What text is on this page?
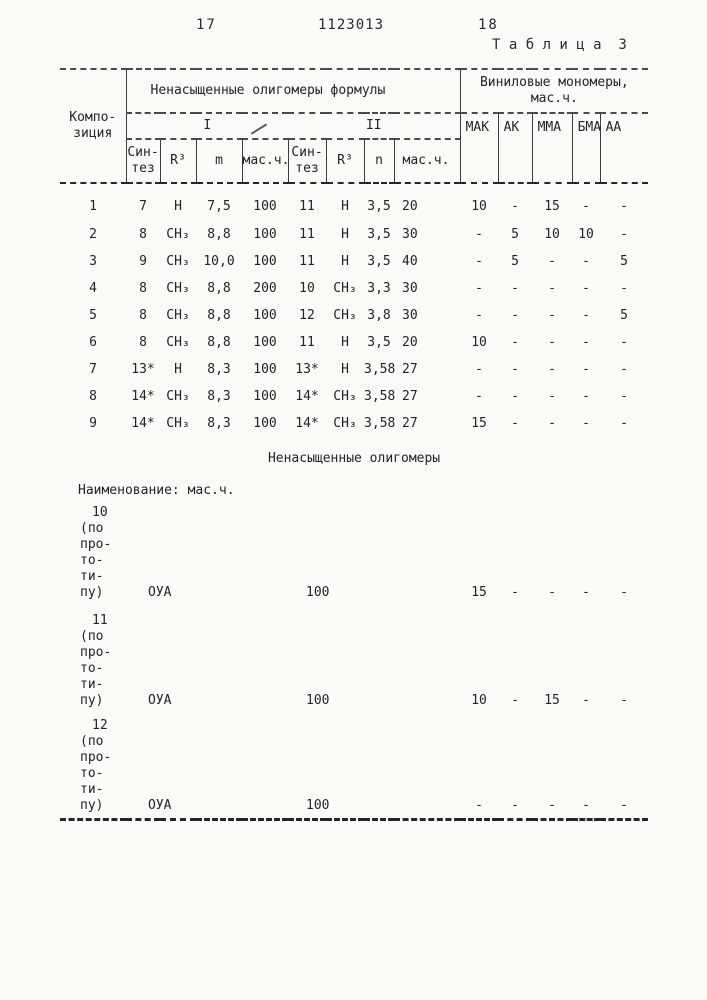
17	1123013	18
Т а б л и ц а  3
Компо-
зиция	Ненасыщенные олигомеры формулы								Виниловые мономеры,
мас.ч.				
	I				II				МАК	АК	ММА	БМА	АА
	Син-
тез	R³	m	мас.ч.	Син-
тез	R³	n	мас.ч.					
1	7	Н	7,5	100	11	Н	3,5	20	10	-	15	-	-
2	8	СН₃	8,8	100	11	Н	3,5	30	-	5	10	10	-
3	9	СН₃	10,0	100	11	Н	3,5	40	-	5	-	-	5
4	8	СН₃	8,8	200	10	СН₃	3,3	30	-	-	-	-	-
5	8	СН₃	8,8	100	12	СН₃	3,8	30	-	-	-	-	5
6	8	СН₃	8,8	100	11	Н	3,5	20	10	-	-	-	-
7	13*	Н	8,3	100	13*	Н	3,58	27	-	-	-	-	-
8	14*	СН₃	8,3	100	14*	СН₃	3,58	27	-	-	-	-	-
9	14*	СН₃	8,3	100	14*	СН₃	3,58	27	15	-	-	-	-
Ненасыщенные олигомеры													
Наименование: мас.ч.													

10
(по
про-
то-
ти-
пу)	ОУА	100	15	-	-	-	-

11
(по
про-
то-
ти-
пу)	ОУА	100	10	-	15	-	-

12
(по
про-
то-
ти-
пу)	ОУА	100	-	-	-	-	-
